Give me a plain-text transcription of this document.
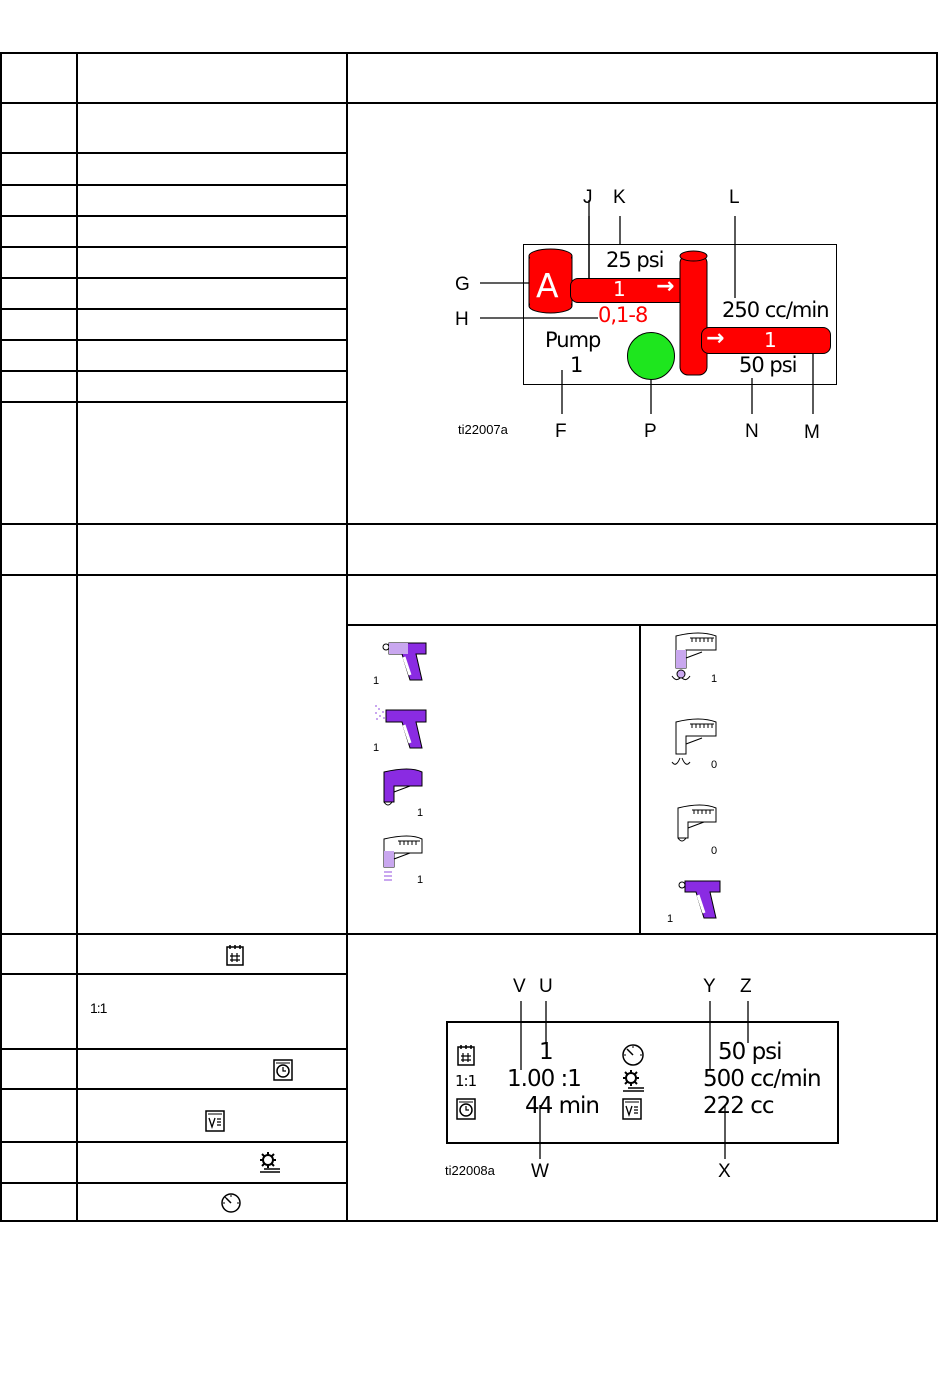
J K	L
G
H
F	P	N M
ti22007a
A	1 →
→ 1
25 psi
250 cc/min
0,1-8
Pump
1	50 psi
1
1
1
1
1
0
0
1
1:1
V U	Y Z
W	X
ti22008a
1:1
1	50 psi
1.00 :1	500 cc/min
44 min	222 cc
